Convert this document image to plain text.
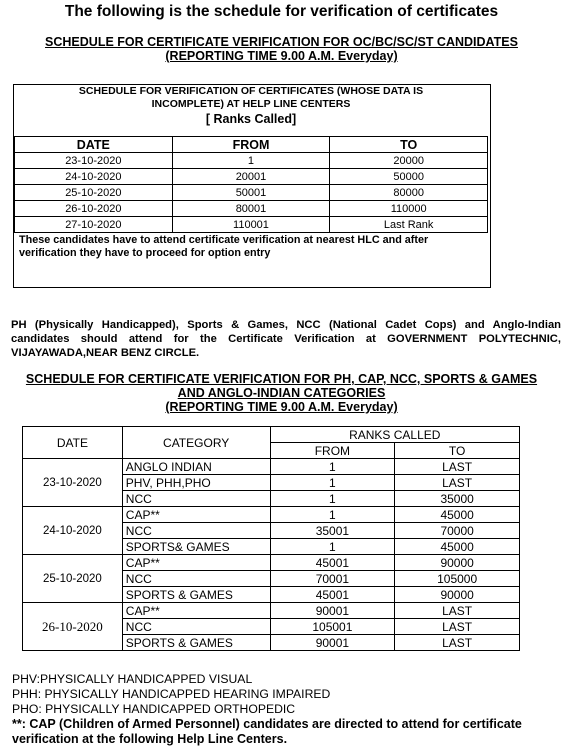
The following is the schedule for verification of certificates
SCHEDULE FOR CERTIFICATE VERIFICATION FOR OC/BC/SC/ST CANDIDATES
(REPORTING TIME 9.00 A.M. Everyday)
SCHEDULE FOR VERIFICATION OF CERTIFICATES (WHOSE DATA IS
INCOMPLETE) AT HELP LINE CENTERS
[ Ranks Called]
DATE	FROM	TO
23-10-2020	1	20000
24-10-2020	20001	50000
25-10-2020	50001	80000
26-10-2020	80001	110000
27-10-2020	110001	Last Rank
These candidates have to attend certificate verification at nearest HLC and after verification they have to proceed for option entry
PH (Physically Handicapped), Sports & Games, NCC (National Cadet Cops) and Anglo-Indian candidates should attend for the Certificate Verification at GOVERNMENT POLYTECHNIC, VIJAYAWADA,NEAR BENZ CIRCLE.
SCHEDULE FOR CERTIFICATE VERIFICATION FOR PH, CAP, NCC, SPORTS & GAMES
AND ANGLO-INDIAN CATEGORIES
(REPORTING TIME 9.00 A.M. Everyday)
DATE	CATEGORY	RANKS CALLED	
		FROM	TO
23-10-2020	ANGLO INDIAN	1	LAST
	PHV, PHH,PHO	1	LAST
	NCC	1	35000
24-10-2020	CAP**	1	45000
	NCC	35001	70000
	SPORTS& GAMES	1	45000
25-10-2020	CAP**	45001	90000
	NCC	70001	105000
	SPORTS & GAMES	45001	90000
26-10-2020	CAP**	90001	LAST
	NCC	105001	LAST
	SPORTS & GAMES	90001	LAST
PHV:PHYSICALLY HANDICAPPED VISUAL
PHH: PHYSICALLY HANDICAPPED HEARING IMPAIRED
PHO: PHYSICALLY HANDICAPPED ORTHOPEDIC
**: CAP (Children of Armed Personnel) candidates are directed to attend for certificate verification at the following Help Line Centers.
